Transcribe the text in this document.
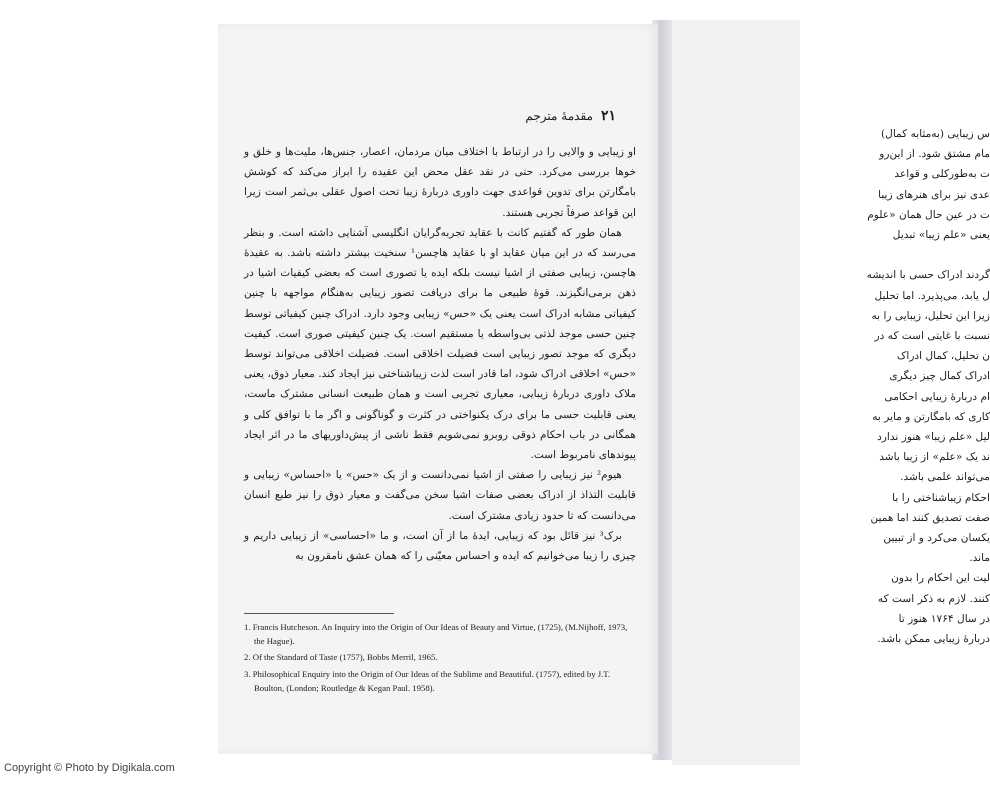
۲۱
مقدمهٔ مترجم

او زیبایی و والایی را در ارتباط با اختلاف میان مردمان، اعصار، جنس‌ها، ملیت‌ها و خلق و خوها بررسی می‌کرد. حتی در نقد عقل محض این عقیده را ابراز می‌کند که کوشش بامگارتن برای تدوین قواعدی جهت داوری دربارهٔ زیبا تحت اصول عقلی بی‌ثمر است زیرا این قواعد صرفاً تجربی هستند.

همان طور که گفتیم کانت با عقاید تجربه‌گرایان انگلیسی آشنایی داشته است. و بنظر می‌رسد که در این میان عقاید او با عقاید هاچسن¹ سنخیت بیشتر داشته باشد. به عقیدهٔ هاچسن، زیبایی صفتی از اشیا نیست بلکه ایده یا تصوری است که بعضی کیفیات اشیا در ذهن برمی‌انگیزند. قوهٔ طبیعی ما برای دریافت تصور زیبایی به‌هنگام مواجهه با چنین کیفیاتی مشابه ادراک است یعنی یک «حس» زیبایی وجود دارد. ادراک چنین کیفیاتی توسط چنین حسی موجد لذتی بی‌واسطه یا مستقیم است. یک چنین کیفیتی صوری است. کیفیت دیگری که موجد تصور زیبایی است فضیلت اخلاقی است. فضیلت اخلاقی می‌تواند توسط «حس» اخلاقی ادراک شود، اما قادر است لذت زیباشناختی نیز ایجاد کند. معیار ذوق، یعنی ملاک داوری دربارهٔ زیبایی، معیاری تجربی است و همان طبیعت انسانی مشترک ماست، یعنی قابلیت حسی ما برای درک یکنواختی در کثرت و گوناگونی و اگر ما با توافق کلی و همگانی در باب احکام ذوقی روبرو نمی‌شویم فقط ناشی از پیش‌داوریهای ما در اثر ایجاد پیوندهای نامربوط است.

هیوم² نیز زیبایی را صفتی از اشیا نمی‌دانست و از یک «حس» یا «احساس» زیبایی و قابلیت التذاذ از ادراک بعضی صفات اشیا سخن می‌گفت و معیار ذوق را نیز طبع انسان می‌دانست که تا حدود زیادی مشترک است.

برک³ نیز قائل بود که زیبایی، ایدهٔ ما از آن است، و ما «احساسی» از زیبایی داریم و چیزی را زیبا می‌خوانیم که ایده و احساس معیّنی را که همان عشق نامقرون به

1. Francis Hutcheson. An Inquiry into the Origin of Our Ideas of Beauty and Virtue, (1725), (M.Nijhoff, 1973, the Hague).

2. Of the Standard of Taste (1757), Bobbs Merril, 1965.

3. Philosophical Enquiry into the Origin of Our Ideas of the Sublime and Beautiful. (1757), edited by J.T. Boulton, (London; Routledge & Kegan Paul. 1958).

س زیبایی (به‌مثابه کمال)

مام مشتق شود. از این‌رو

ت به‌طورکلی و قواعد

عدی نیز برای هنرهای زیبا

ت در عین حال همان «علوم

یعنی «علم زیبا» تبدیل

گردند ادراک حسی با اندیشه

ل یابد، می‌پذیرد. اما تحلیل

زیرا این تحلیل، زیبایی را به

نسبت با غایتی است که در

ن تحلیل، کمال ادراک

ادراک کمال چیز دیگری

ام دربارهٔ زیبایی احکامی

کاری که بامگارتن و مایر به

لیل «علم زیبا» هنوز ندارد

ند یک «علم» از زیبا باشد

می‌تواند علمی باشد.

احکام زیباشناختی را با

صفت تصدیق کنند اما همین

یکسان می‌کرد و از تبیین

ماند.

لیت این احکام را بدون

کنند. لازم به ذکر است که

در سال ۱۷۶۴ هنوز تا

دربارهٔ زیبایی ممکن باشد.

Copyright © Photo by Digikala.com
